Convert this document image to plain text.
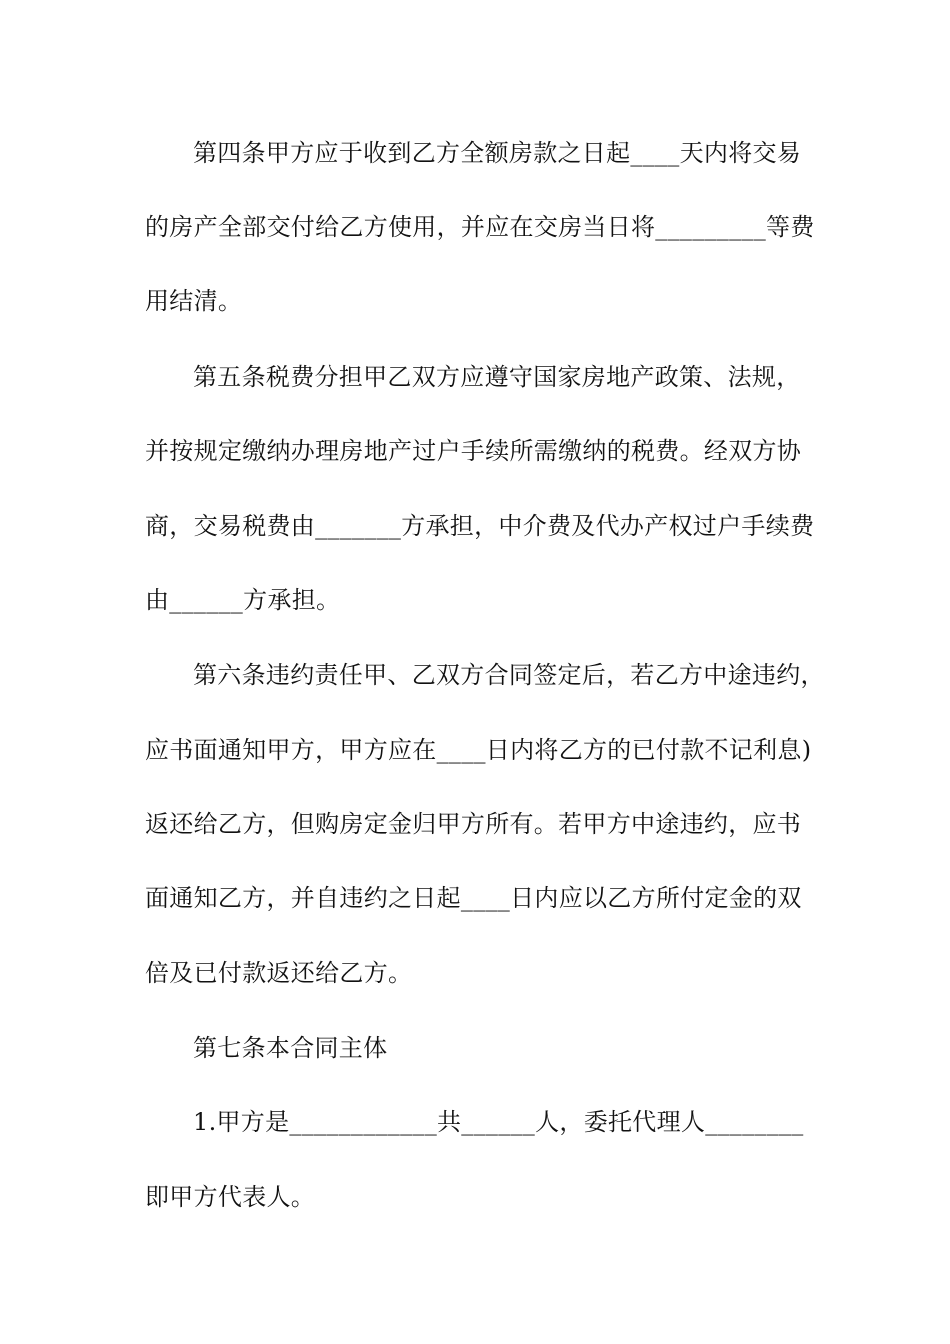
第四条甲方应于收到乙方全额房款之日起____天内将交易
的房产全部交付给乙方使用，并应在交房当日将_________等费
用结清。
第五条税费分担甲乙双方应遵守国家房地产政策、法规，
并按规定缴纳办理房地产过户手续所需缴纳的税费。经双方协
商，交易税费由_______方承担，中介费及代办产权过户手续费
由______方承担。
第六条违约责任甲、乙双方合同签定后，若乙方中途违约，
应书面通知甲方，甲方应在____日内将乙方的已付款不记利息)
返还给乙方，但购房定金归甲方所有。若甲方中途违约，应书
面通知乙方，并自违约之日起____日内应以乙方所付定金的双
倍及已付款返还给乙方。
第七条本合同主体
1.甲方是____________共______人，委托代理人________
即甲方代表人。
